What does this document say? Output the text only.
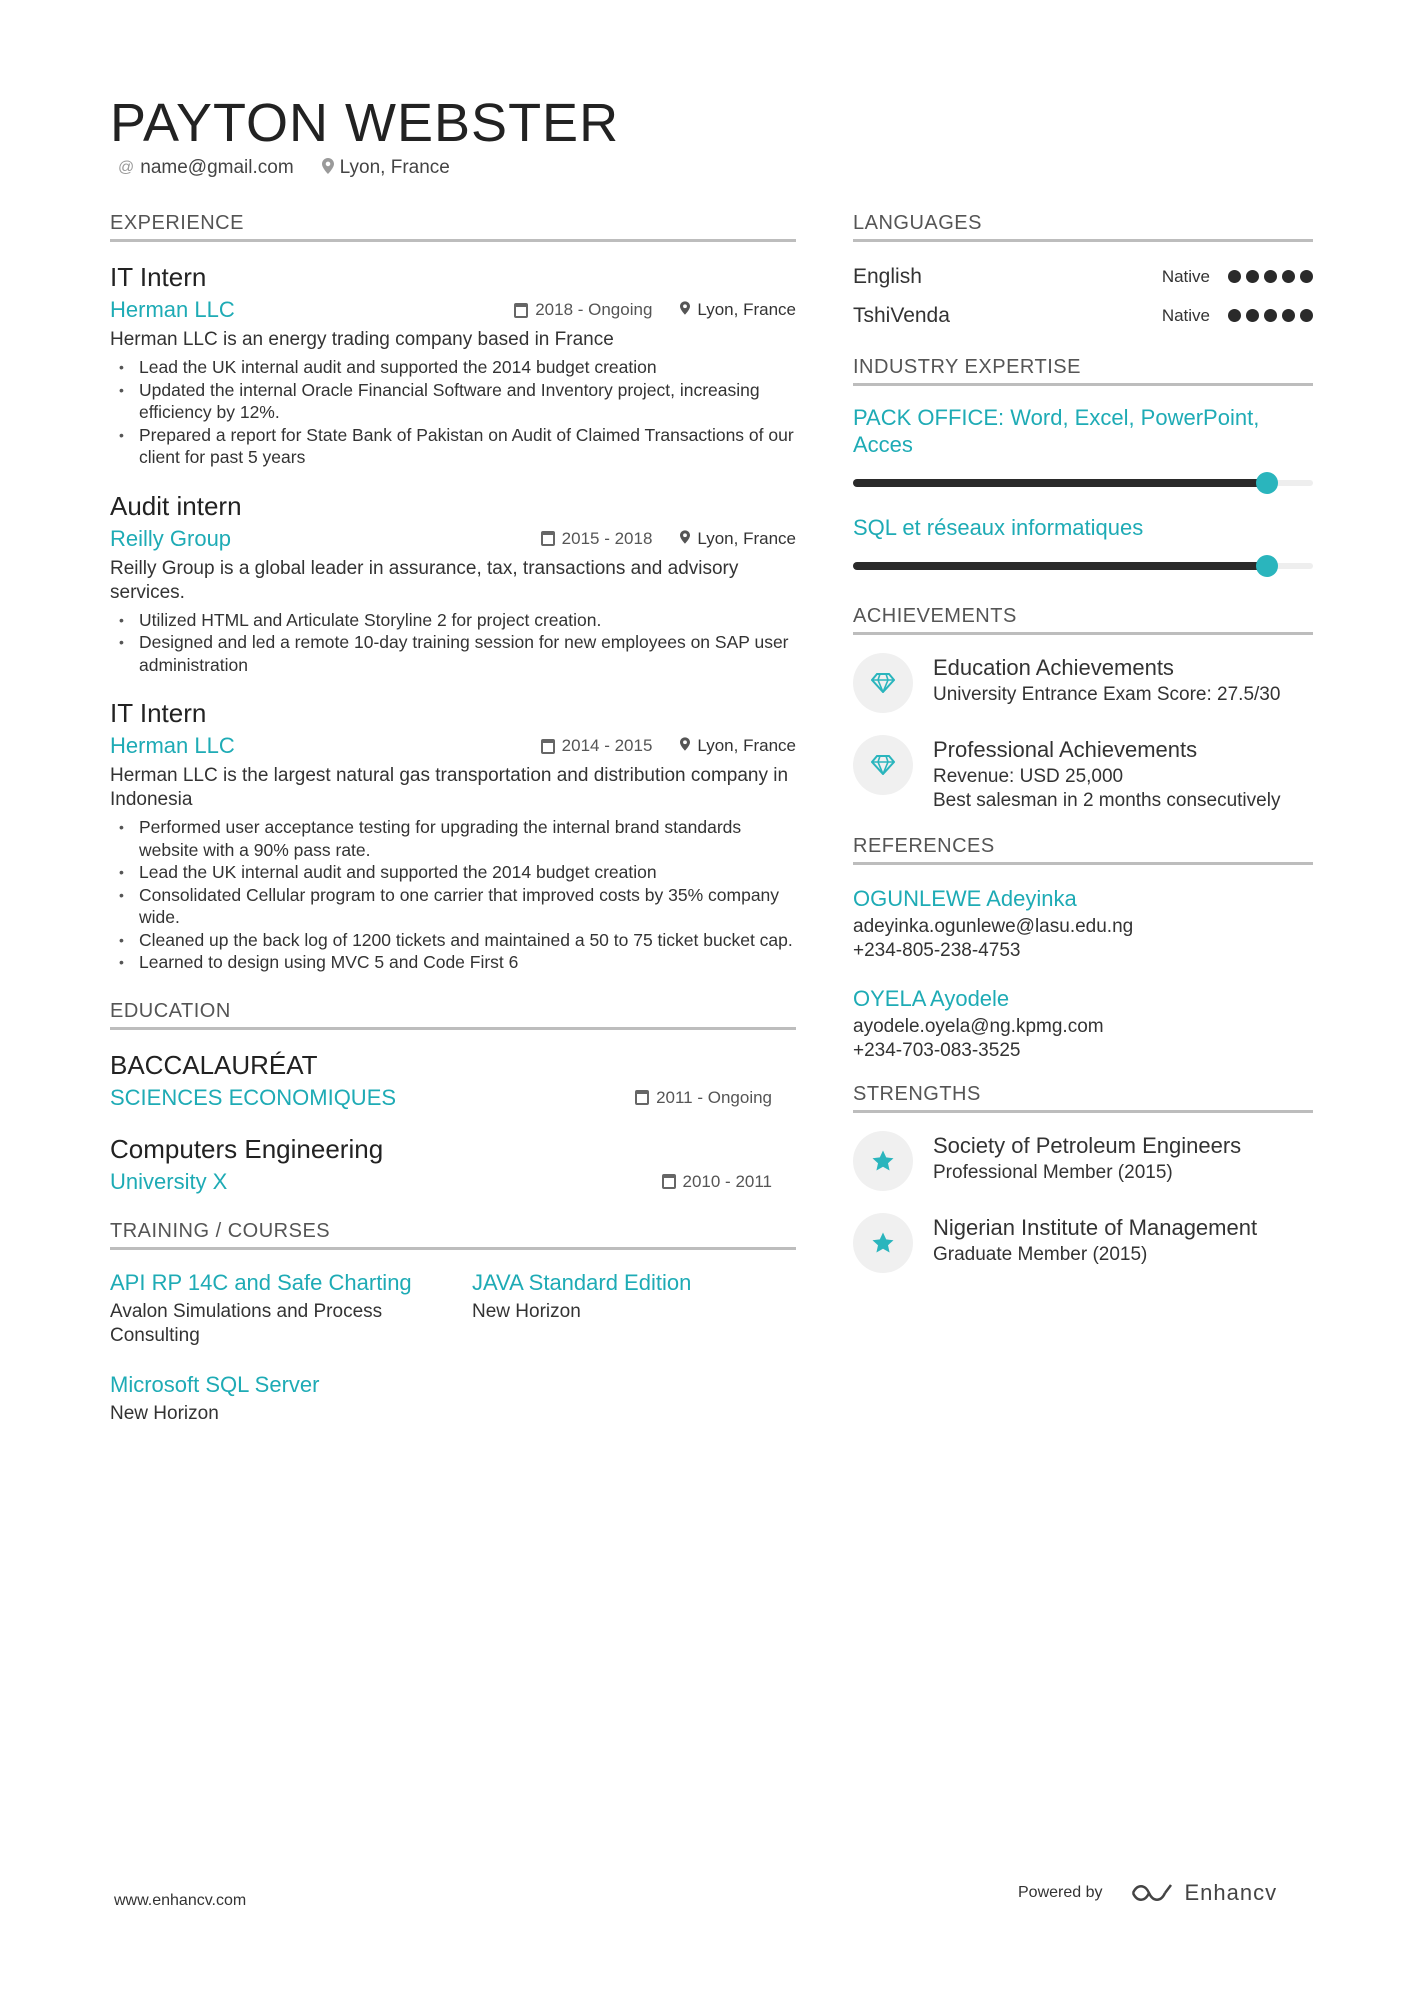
PAYTON WEBSTER
@ name@gmail.com Lyon, France
EXPERIENCE
IT Intern
Herman LLC	2018 - Ongoing	Lyon, France
Herman LLC is an energy trading company based in France
• Lead the UK internal audit and supported the 2014 budget creation
• Updated the internal Oracle Financial Software and Inventory project, increasing efficiency by 12%.
• Prepared a report for State Bank of Pakistan on Audit of Claimed Transactions of our client for past 5 years
Audit intern
Reilly Group	2015 - 2018	Lyon, France
Reilly Group is a global leader in assurance, tax, transactions and advisory services.
• Utilized HTML and Articulate Storyline 2 for project creation.
• Designed and led a remote 10-day training session for new employees on SAP user administration
IT Intern
Herman LLC	2014 - 2015	Lyon, France
Herman LLC is the largest natural gas transportation and distribution company in Indonesia
• Performed user acceptance testing for upgrading the internal brand standards website with a 90% pass rate.
• Lead the UK internal audit and supported the 2014 budget creation
• Consolidated Cellular program to one carrier that improved costs by 35% company wide.
• Cleaned up the back log of 1200 tickets and maintained a 50 to 75 ticket bucket cap.
• Learned to design using MVC 5 and Code First 6
EDUCATION
BACCALAURÉAT
SCIENCES ECONOMIQUES	2011 - Ongoing
Computers Engineering
University X	2010 - 2011
TRAINING / COURSES
API RP 14C and Safe Charting
Avalon Simulations and Process Consulting
JAVA Standard Edition
New Horizon
Microsoft SQL Server
New Horizon
LANGUAGES
English	Native
TshiVenda	Native
INDUSTRY EXPERTISE
PACK OFFICE: Word, Excel, PowerPoint, Acces
SQL et réseaux informatiques
ACHIEVEMENTS
Education Achievements
University Entrance Exam Score: 27.5/30
Professional Achievements
Revenue: USD 25,000
Best salesman in 2 months consecutively
REFERENCES
OGUNLEWE Adeyinka
adeyinka.ogunlewe@lasu.edu.ng
+234-805-238-4753
OYELA Ayodele
ayodele.oyela@ng.kpmg.com
+234-703-083-3525
STRENGTHS
Society of Petroleum Engineers
Professional Member (2015)
Nigerian Institute of Management
Graduate Member (2015)
www.enhancv.com	Powered by	Enhancv
